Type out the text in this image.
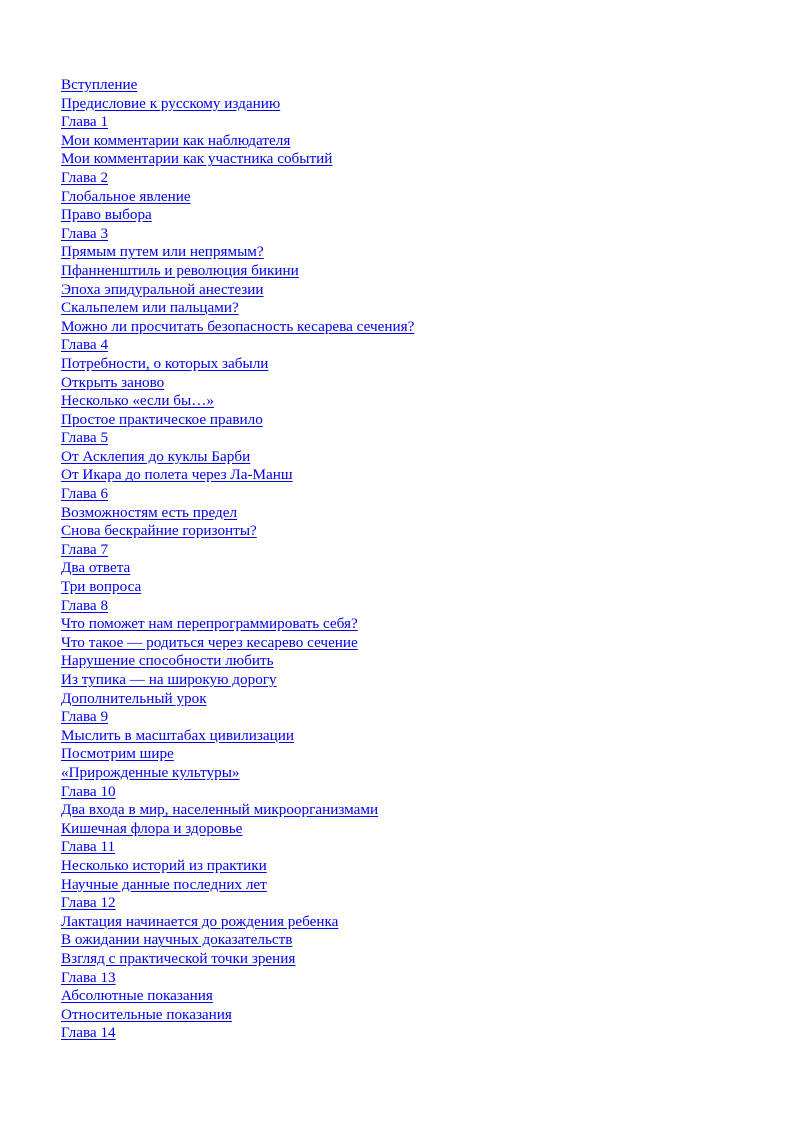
Вступление
Предисловие к русскому изданию
Глава 1
Мои комментарии как наблюдателя
Мои комментарии как участника событий
Глава 2
Глобальное явление
Право выбора
Глава 3
Прямым путем или непрямым?
Пфанненштиль и революция бикини
Эпоха эпидуральной анестезии
Скальпелем или пальцами?
Можно ли просчитать безопасность кесарева сечения?
Глава 4
Потребности, о которых забыли
Открыть заново
Несколько «если бы…»
Простое практическое правило
Глава 5
От Асклепия до куклы Барби
От Икара до полета через Ла-Манш
Глава 6
Возможностям есть предел
Снова бескрайние горизонты?
Глава 7
Два ответа
Три вопроса
Глава 8
Что поможет нам перепрограммировать себя?
Что такое — родиться через кесарево сечение
Нарушение способности любить
Из тупика — на широкую дорогу
Дополнительный урок
Глава 9
Мыслить в масштабах цивилизации
Посмотрим шире
«Прирожденные культуры»
Глава 10
Два входа в мир, населенный микроорганизмами
Кишечная флора и здоровье
Глава 11
Несколько историй из практики
Научные данные последних лет
Глава 12
Лактация начинается до рождения ребенка
В ожидании научных доказательств
Взгляд с практической точки зрения
Глава 13
Абсолютные показания
Относительные показания
Глава 14
